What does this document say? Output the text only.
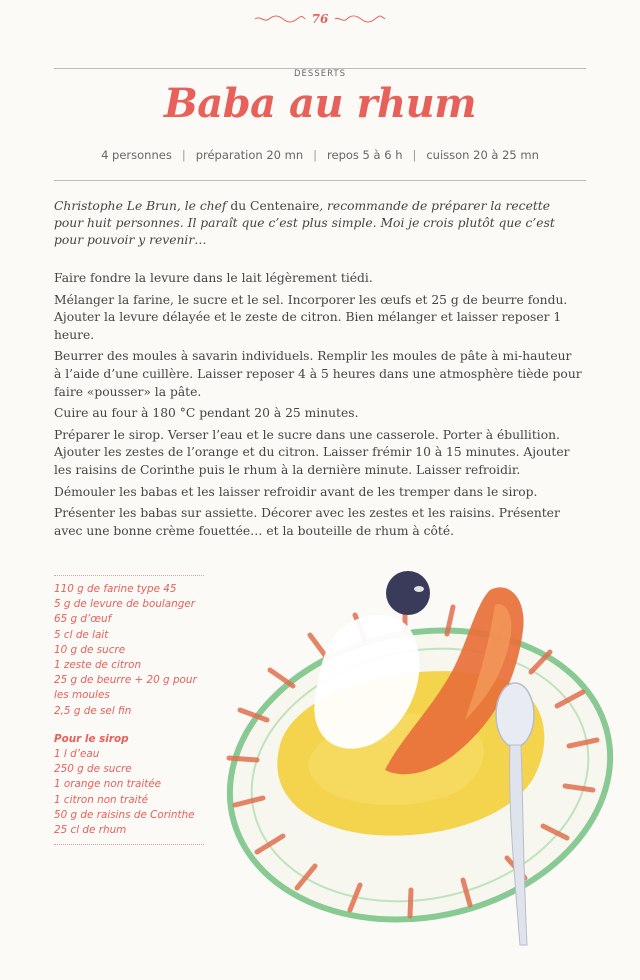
76
DESSERTS
Baba au rhum
4 personnes | préparation 20 mn | repos 5 à 6 h | cuisson 20 à 25 mn

Christophe Le Brun, le chef du Centenaire, recommande de préparer la recette pour huit personnes. Il paraît que c’est plus simple. Moi je crois plutôt que c’est pour pouvoir y revenir…

Faire fondre la levure dans le lait légèrement tiédi.

Mélanger la farine, le sucre et le sel. Incorporer les œufs et 25 g de beurre fondu. Ajouter la levure délayée et le zeste de citron. Bien mélanger et laisser reposer 1 heure.

Beurrer des moules à savarin individuels. Remplir les moules de pâte à mi-hauteur à l’aide d’une cuillère. Laisser reposer 4 à 5 heures dans une atmosphère tiède pour faire «pousser» la pâte.

Cuire au four à 180 °C pendant 20 à 25 minutes.

Préparer le sirop. Verser l’eau et le sucre dans une casserole. Porter à ébullition. Ajouter les zestes de l’orange et du citron. Laisser frémir 10 à 15 minutes. Ajouter les raisins de Corinthe puis le rhum à la dernière minute. Laisser refroidir.

Démouler les babas et les laisser refroidir avant de les tremper dans le sirop.

Présenter les babas sur assiette. Décorer avec les zestes et les raisins. Présenter avec une bonne crème fouettée… et la bouteille de rhum à côté.

110 g de farine type 45
5 g de levure de boulanger
65 g d’œuf
5 cl de lait
10 g de sucre
1 zeste de citron
25 g de beurre + 20 g pour les moules
2,5 g de sel fin
Pour le sirop
1 l d’eau
250 g de sucre
1 orange non traitée
1 citron non traité
50 g de raisins de Corinthe
25 cl de rhum
